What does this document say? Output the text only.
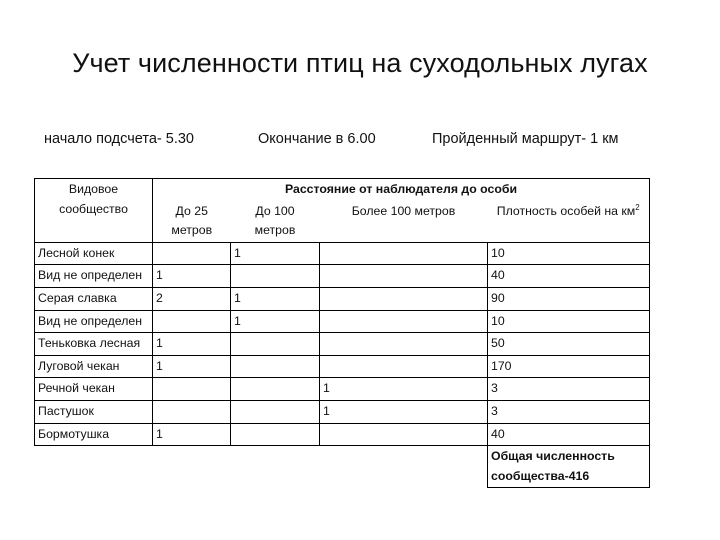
Учет численности птиц на суходольных лугах
начало подсчета- 5.30	Окончание в 6.00	Пройденный маршрут- 1 км
Видовое сообщество	Расстояние от наблюдателя до особи			
	До 25 метров	До 100 метров	Более 100 метров	Плотность особей на $км^2$

Лесной конек		1		10
Вид не определен	1			40
Серая славка	2	1		90
Вид не определен		1		10
Теньковка лесная	1			50
Луговой чекан	1			170
Речной чекан			1	3
Пастушок			1	3
Бормотушка	1			40
				Общая численность сообщества-416
